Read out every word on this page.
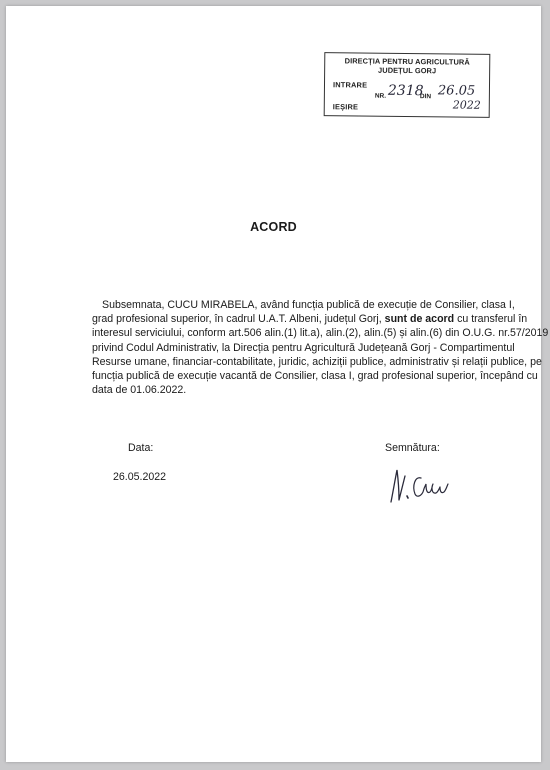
DIRECȚIA PENTRU AGRICULTURĂ
JUDEȚUL GORJ
INTRARE
NR.	DIN
IEȘIRE
2318 26.05
2022
ACORD
Subsemnata, CUCU MIRABELA, având funcția publică de execuție de Consilier, clasa I,
grad profesional superior, în cadrul U.A.T. Albeni, județul Gorj, sunt de acord cu transferul în
interesul serviciului, conform art.506 alin.(1) lit.a), alin.(2), alin.(5) și alin.(6) din O.U.G. nr.57/2019
privind Codul Administrativ, la Direcția pentru Agricultură Județeană Gorj - Compartimentul
Resurse umane, financiar-contabilitate, juridic, achiziții publice, administrativ și relații publice, pe
funcția publică de execuție vacantă de Consilier, clasa I, grad profesional superior, începând cu
data de 01.06.2022.
Data:
26.05.2022
Semnătura:
